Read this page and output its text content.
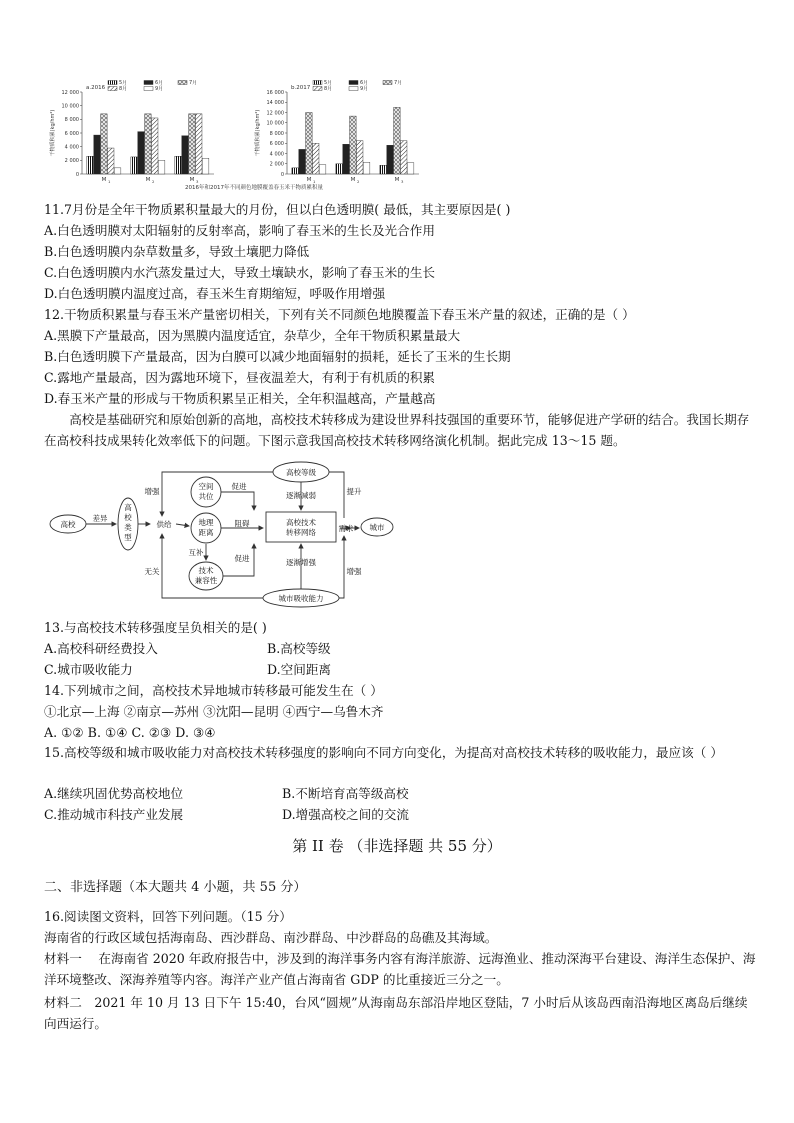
0
2 000
4 000
6 000
8 000
10 000
12 000
干物质积累(kg/hm²)
a.2016
5月	6月	7月
8月	9月
M 1	M 2	M 3
0
2 000
4 000
6 000
8 000
10 000
12 000
14 000
16 000
干物质积累(kg/hm²)
b.2017
5月	6月	7月
8月	9月
M 1	M 2	M 3
2016年和2017年不同颜色地膜覆盖春玉米干物质累积量
11.7月份是全年干物质累积量最大的月份，但以白色透明膜( 最低，其主要原因是( )
A.白色透明膜对太阳辐射的反射率高，影响了春玉米的生长及光合作用
B.白色透明膜内杂草数量多，导致土壤肥力降低
C.白色透明膜内水汽蒸发量过大，导致土壤缺水，影响了春玉米的生长
D.白色透明膜内温度过高，春玉米生育期缩短，呼吸作用增强
12.干物质积累量与春玉米产量密切相关，下列有关不同颜色地膜覆盖下春玉米产量的叙述，正确的是（ ）
A.黑膜下产量最高，因为黑膜内温度适宜，杂草少，全年干物质积累量最大
B.白色透明膜下产量最高，因为白膜可以减少地面辐射的损耗，延长了玉米的生长期
C.露地产量最高，因为露地环境下，昼夜温差大，有利于有机质的积累
D.春玉米产量的形成与干物质积累呈正相关，全年积温越高，产量越高
高校是基础研究和原始创新的高地，高校技术转移成为建设世界科技强国的重要环节，能够促进产学研的结合。我国长期存在高校科技成果转化效率低下的问题。下图示意我国高校技术转移网络演化机制。据此完成 13～15 题。
高校
差异
高
校
类
型
供给
空间
共位
地理
距离
技术
兼容性
互补
高校技术
转移网络
高校等级
逐渐减弱
逐渐增强
需求 城市
城市吸收能力
增强
促进
提升
阻碍
促进
无关	增强
13.与高校技术转移强度呈负相关的是( )
A.高校科研经费投入	B.高校等级
C.城市吸收能力	D.空间距离
14.下列城市之间，高校技术异地城市转移最可能发生在（ ）
①北京—上海 ②南京—苏州 ③沈阳—昆明 ④西宁—乌鲁木齐
A. ①② B. ①④ C. ②③ D. ③④
15.高校等级和城市吸收能力对高校技术转移强度的影响向不同方向变化，为提高对高校技术转移的吸收能力，最应该（ ）
A.继续巩固优势高校地位	B.不断培育高等级高校
C.推动城市科技产业发展	D.增强高校之间的交流
第 II 卷 （非选择题 共 55 分）
二、非选择题（本大题共 4 小题，共 55 分）
16.阅读图文资料，回答下列问题。（15 分）
海南省的行政区域包括海南岛、西沙群岛、南沙群岛、中沙群岛的岛礁及其海域。
材料一　 在海南省 2020 年政府报告中，涉及到的海洋事务内容有海洋旅游、远海渔业、推动深海平台建设、海洋生态保护、海洋环境整改、深海养殖等内容。海洋产业产值占海南省 GDP 的比重接近三分之一。
材料二　2021 年 10 月 13 日下午 15:40，台风“圆规”从海南岛东部沿岸地区登陆，7 小时后从该岛西南沿海地区离岛后继续向西运行。
